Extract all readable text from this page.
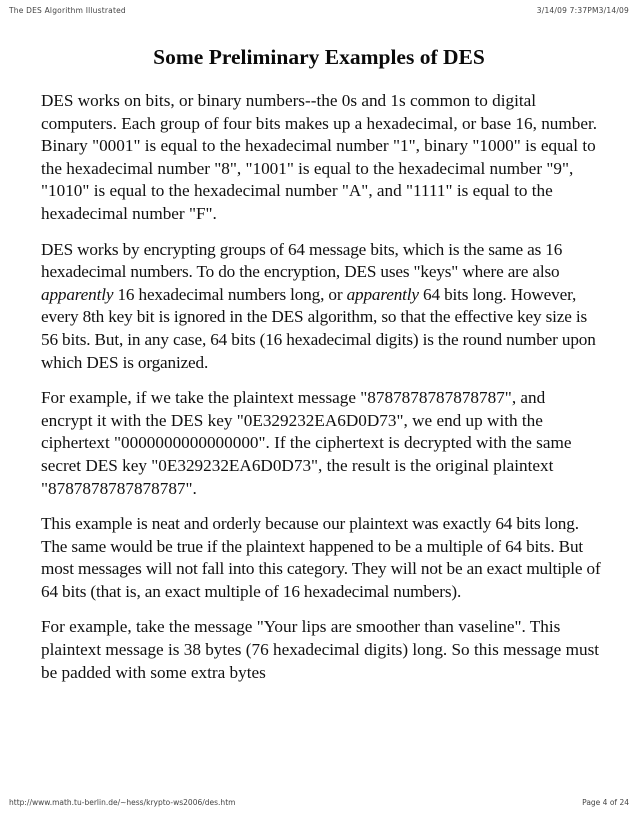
The DES Algorithm Illustrated	3/14/09 7:37PM3/14/09
Some Preliminary Examples of DES

DES works on bits, or binary numbers--the 0s and 1s common to digital computers. Each group of four bits makes up a hexadecimal, or base 16, number. Binary "0001" is equal to the hexadecimal number "1", binary "1000" is equal to the hexadecimal number "8", "1001" is equal to the hexadecimal number "9", "1010" is equal to the hexadecimal number "A", and "1111" is equal to the hexadecimal number "F".

DES works by encrypting groups of 64 message bits, which is the same as 16 hexadecimal numbers. To do the encryption, DES uses "keys" where are also apparently 16 hexadecimal numbers long, or apparently 64 bits long. However, every 8th key bit is ignored in the DES algorithm, so that the effective key size is 56 bits. But, in any case, 64 bits (16 hexadecimal digits) is the round number upon which DES is organized.

For example, if we take the plaintext message "8787878787878787", and encrypt it with the DES key "0E329232EA6D0D73", we end up with the ciphertext "0000000000000000". If the ciphertext is decrypted with the same secret DES key "0E329232EA6D0D73", the result is the original plaintext "8787878787878787".

This example is neat and orderly because our plaintext was exactly 64 bits long. The same would be true if the plaintext happened to be a multiple of 64 bits. But most messages will not fall into this category. They will not be an exact multiple of 64 bits (that is, an exact multiple of 16 hexadecimal numbers).

For example, take the message "Your lips are smoother than vaseline". This plaintext message is 38 bytes (76 hexadecimal digits) long. So this message must be padded with some extra bytes

http://www.math.tu-berlin.de/~hess/krypto-ws2006/des.htm	Page 4 of 24
